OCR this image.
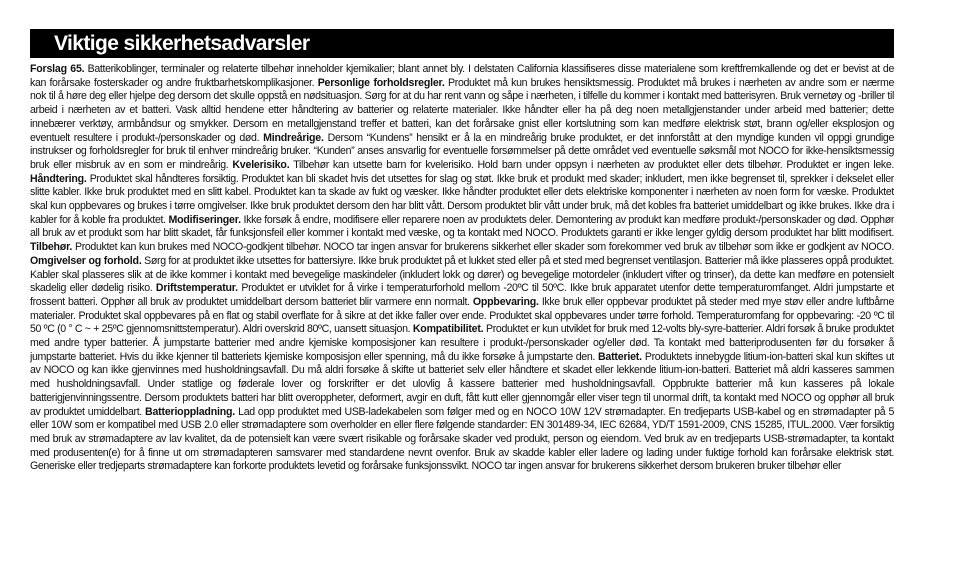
Viktige sikkerhetsadvarsler

Forslag 65. Batterikoblinger, terminaler og relaterte tilbehør inneholder kjemikalier; blant annet bly. I delstaten California klassifiseres disse materialene som kreftfremkallende og det er bevist at de kan forårsake fosterskader og andre fruktbarhetskomplikasjoner. Personlige forholdsregler. Produktet må kun brukes hensiktsmessig. Produktet må brukes i nærheten av andre som er nærme nok til å høre deg eller hjelpe deg dersom det skulle oppstå en nødsituasjon. Sørg for at du har rent vann og såpe i nærheten, i tilfelle du kommer i kontakt med batterisyren. Bruk vernetøy og -briller til arbeid i nærheten av et batteri. Vask alltid hendene etter håndtering av batterier og relaterte materialer. Ikke håndter eller ha på deg noen metallgjenstander under arbeid med batterier; dette innebærer verktøy, armbåndsur og smykker. Dersom en metallgjenstand treffer et batteri, kan det forårsake gnist eller kortslutning som kan medføre elektrisk støt, brann og/eller eksplosjon og eventuelt resultere i produkt-/personskader og død. Mindreårige. Dersom “Kundens” hensikt er å la en mindreårig bruke produktet, er det innforstått at den myndige kunden vil oppgi grundige instrukser og forholdsregler for bruk til enhver mindreårig bruker. “Kunden” anses ansvarlig for eventuelle forsømmelser på dette området ved eventuelle søksmål mot NOCO for ikke-hensiktsmessig bruk eller misbruk av en som er mindreårig. Kvelerisiko. Tilbehør kan utsette barn for kvelerisiko. Hold barn under oppsyn i nærheten av produktet eller dets tilbehør. Produktet er ingen leke. Håndtering. Produktet skal håndteres forsiktig. Produktet kan bli skadet hvis det utsettes for slag og støt. Ikke bruk et produkt med skader; inkludert, men ikke begrenset til, sprekker i dekselet eller slitte kabler. Ikke bruk produktet med en slitt kabel. Produktet kan ta skade av fukt og væsker. Ikke håndter produktet eller dets elektriske komponenter i nærheten av noen form for væske. Produktet skal kun oppbevares og brukes i tørre omgivelser. Ikke bruk produktet dersom den har blitt vått. Dersom produktet blir vått under bruk, må det kobles fra batteriet umiddelbart og ikke brukes. Ikke dra i kabler for å koble fra produktet. Modifiseringer. Ikke forsøk å endre, modifisere eller reparere noen av produktets deler. Demontering av produkt kan medføre produkt-/personskader og død. Opphør all bruk av et produkt som har blitt skadet, får funksjonsfeil eller kommer i kontakt med væske, og ta kontakt med NOCO. Produktets garanti er ikke lenger gyldig dersom produktet har blitt modifisert. Tilbehør. Produktet kan kun brukes med NOCO-godkjent tilbehør. NOCO tar ingen ansvar for brukerens sikkerhet eller skader som forekommer ved bruk av tilbehør som ikke er godkjent av NOCO. Omgivelser og forhold. Sørg for at produktet ikke utsettes for battersiyre. Ikke bruk produktet på et lukket sted eller på et sted med begrenset ventilasjon. Batterier må ikke plasseres oppå produktet. Kabler skal plasseres slik at de ikke kommer i kontakt med bevegelige maskindeler (inkludert lokk og dører) og bevegelige motordeler (inkludert vifter og trinser), da dette kan medføre en potensielt skadelig eller dødelig risiko. Driftstemperatur. Produktet er utviklet for å virke i temperaturforhold mellom -20ºC til 50ºC. Ikke bruk apparatet utenfor dette temperaturomfanget. Aldri jumpstarte et frossent batteri. Opphør all bruk av produktet umiddelbart dersom batteriet blir varmere enn normalt. Oppbevaring. Ikke bruk eller oppbevar produktet på steder med mye støv eller andre luftbårne materialer. Produktet skal oppbevares på en flat og stabil overflate for å sikre at det ikke faller over ende. Produktet skal oppbevares under tørre forhold. Temperaturomfang for oppbevaring: -20 ºC til 50 ºC (0 ° C ~ + 25ºC gjennomsnittstemperatur). Aldri overskrid 80ºC, uansett situasjon. Kompatibilitet. Produktet er kun utviklet for bruk med 12-volts bly-syre-batterier. Aldri forsøk å bruke produktet med andre typer batterier. Å jumpstarte batterier med andre kjemiske komposisjoner kan resultere i produkt-/personskader og/eller død. Ta kontakt med batteriprodusenten før du forsøker å jumpstarte batteriet. Hvis du ikke kjenner til batteriets kjemiske komposisjon eller spenning, må du ikke forsøke å jumpstarte den. Batteriet. Produktets innebygde litium-ion-batteri skal kun skiftes ut av NOCO og kan ikke gjenvinnes med husholdningsavfall. Du må aldri forsøke å skifte ut batteriet selv eller håndtere et skadet eller lekkende litium-ion-batteri. Batteriet må aldri kasseres sammen med husholdningsavfall. Under statlige og føderale lover og forskrifter er det ulovlig å kassere batterier med husholdningsavfall. Oppbrukte batterier må kun kasseres på lokale batterigjenvinningssentre. Dersom produktets batteri har blitt overoppheter, deformert, avgir en duft, fått kutt eller gjennomgår eller viser tegn til unormal drift, ta kontakt med NOCO og opphør all bruk av produktet umiddelbart. Batterioppladning. Lad opp produktet med USB-ladekabelen som følger med og en NOCO 10W 12V strømadapter. En tredjeparts USB-kabel og en strømadapter på 5 eller 10W som er kompatibel med USB 2.0 eller strømadaptere som overholder en eller flere følgende standarder: EN 301489-34, IEC 62684, YD/T 1591-2009, CNS 15285, ITUL.2000. Vær forsiktig med bruk av strømadaptere av lav kvalitet, da de potensielt kan være svært risikable og forårsake skader ved produkt, person og eiendom. Ved bruk av en tredjeparts USB-strømadapter, ta kontakt med produsenten(e) for å finne ut om strømadapteren samsvarer med standardene nevnt ovenfor. Bruk av skadde kabler eller ladere og lading under fuktige forhold kan forårsake elektrisk støt. Generiske eller tredjeparts strømadaptere kan forkorte produktets levetid og forårsake funksjonssvikt. NOCO tar ingen ansvar for brukerens sikkerhet dersom brukeren bruker tilbehør eller
